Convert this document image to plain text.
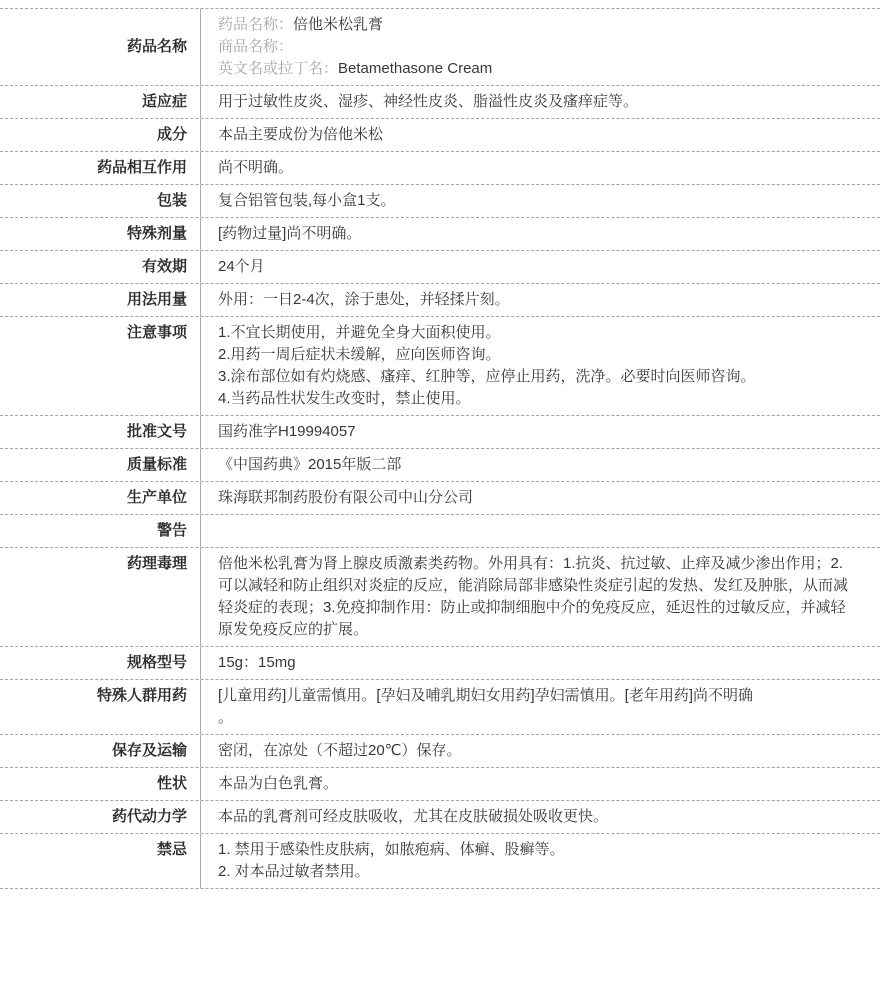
药品名称
药品名称：倍他米松乳膏
商品名称：
英文名或拉丁名：Betamethasone Cream
适应症	用于过敏性皮炎、湿疹、神经性皮炎、脂溢性皮炎及瘙痒症等。
成分	本品主要成份为倍他米松
药品相互作用	尚不明确。
包装	复合铝管包装,每小盒1支。
特殊剂量	[药物过量]尚不明确。
有效期	24个月
用法用量	外用：一日2-4次，涂于患处，并轻揉片刻。
注意事项	1.不宜长期使用，并避免全身大面积使用。
2.用药一周后症状未缓解，应向医师咨询。
3.涂布部位如有灼烧感、瘙痒、红肿等，应停止用药，洗净。必要时向医师咨询。
4.当药品性状发生改变时，禁止使用。
批准文号	国药准字H19994057
质量标准	《中国药典》2015年版二部
生产单位	珠海联邦制药股份有限公司中山分公司
警告
药理毒理	倍他米松乳膏为肾上腺皮质激素类药物。外用具有：1.抗炎、抗过敏、止痒及减少渗出作用；2.可以减轻和防止组织对炎症的反应，能消除局部非感染性炎症引起的发热、发红及肿胀，从而减轻炎症的表现；3.免疫抑制作用：防止或抑制细胞中介的免疫反应，延迟性的过敏反应，并减轻原发免疫反应的扩展。
规格型号	15g：15mg
特殊人群用药	[儿童用药]儿童需慎用。[孕妇及哺乳期妇女用药]孕妇需慎用。[老年用药]尚不明确
。
保存及运输	密闭，在凉处（不超过20℃）保存。
性状	本品为白色乳膏。
药代动力学	本品的乳膏剂可经皮肤吸收，尤其在皮肤破损处吸收更快。
禁忌	1. 禁用于感染性皮肤病，如脓疱病、体癣、股癣等。
2. 对本品过敏者禁用。
